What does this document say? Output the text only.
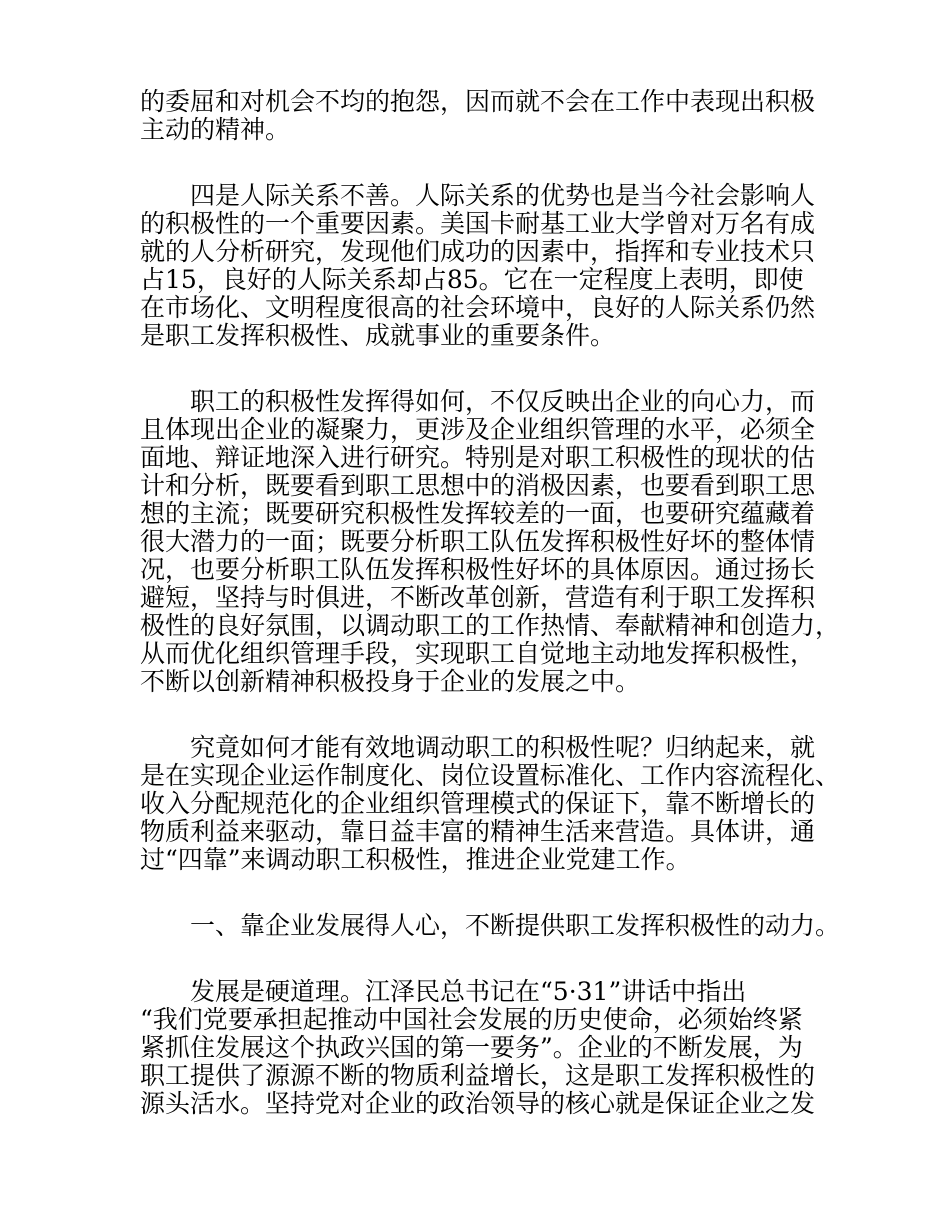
的委屈和对机会不均的抱怨，因而就不会在工作中表现出积极
主动的精神。
四是人际关系不善。人际关系的优势也是当今社会影响人
的积极性的一个重要因素。美国卡耐基工业大学曾对万名有成
就的人分析研究，发现他们成功的因素中，指挥和专业技术只
占15，良好的人际关系却占85。它在一定程度上表明，即使
在市场化、文明程度很高的社会环境中，良好的人际关系仍然
是职工发挥积极性、成就事业的重要条件。
职工的积极性发挥得如何，不仅反映出企业的向心力，而
且体现出企业的凝聚力，更涉及企业组织管理的水平，必须全
面地、辩证地深入进行研究。特别是对职工积极性的现状的估
计和分析，既要看到职工思想中的消极因素，也要看到职工思
想的主流；既要研究积极性发挥较差的一面，也要研究蕴藏着
很大潜力的一面；既要分析职工队伍发挥积极性好坏的整体情
况，也要分析职工队伍发挥积极性好坏的具体原因。通过扬长
避短，坚持与时俱进，不断改革创新，营造有利于职工发挥积
极性的良好氛围，以调动职工的工作热情、奉献精神和创造力，
从而优化组织管理手段，实现职工自觉地主动地发挥积极性，
不断以创新精神积极投身于企业的发展之中。
究竟如何才能有效地调动职工的积极性呢？归纳起来，就
是在实现企业运作制度化、岗位设置标准化、工作内容流程化、
收入分配规范化的企业组织管理模式的保证下，靠不断增长的
物质利益来驱动，靠日益丰富的精神生活来营造。具体讲，通
过“四靠”来调动职工积极性，推进企业党建工作。
一、靠企业发展得人心，不断提供职工发挥积极性的动力。
发展是硬道理。江泽民总书记在“5·31”讲话中指出
“我们党要承担起推动中国社会发展的历史使命，必须始终紧
紧抓住发展这个执政兴国的第一要务”。企业的不断发展，为
职工提供了源源不断的物质利益增长，这是职工发挥积极性的
源头活水。坚持党对企业的政治领导的核心就是保证企业之发
